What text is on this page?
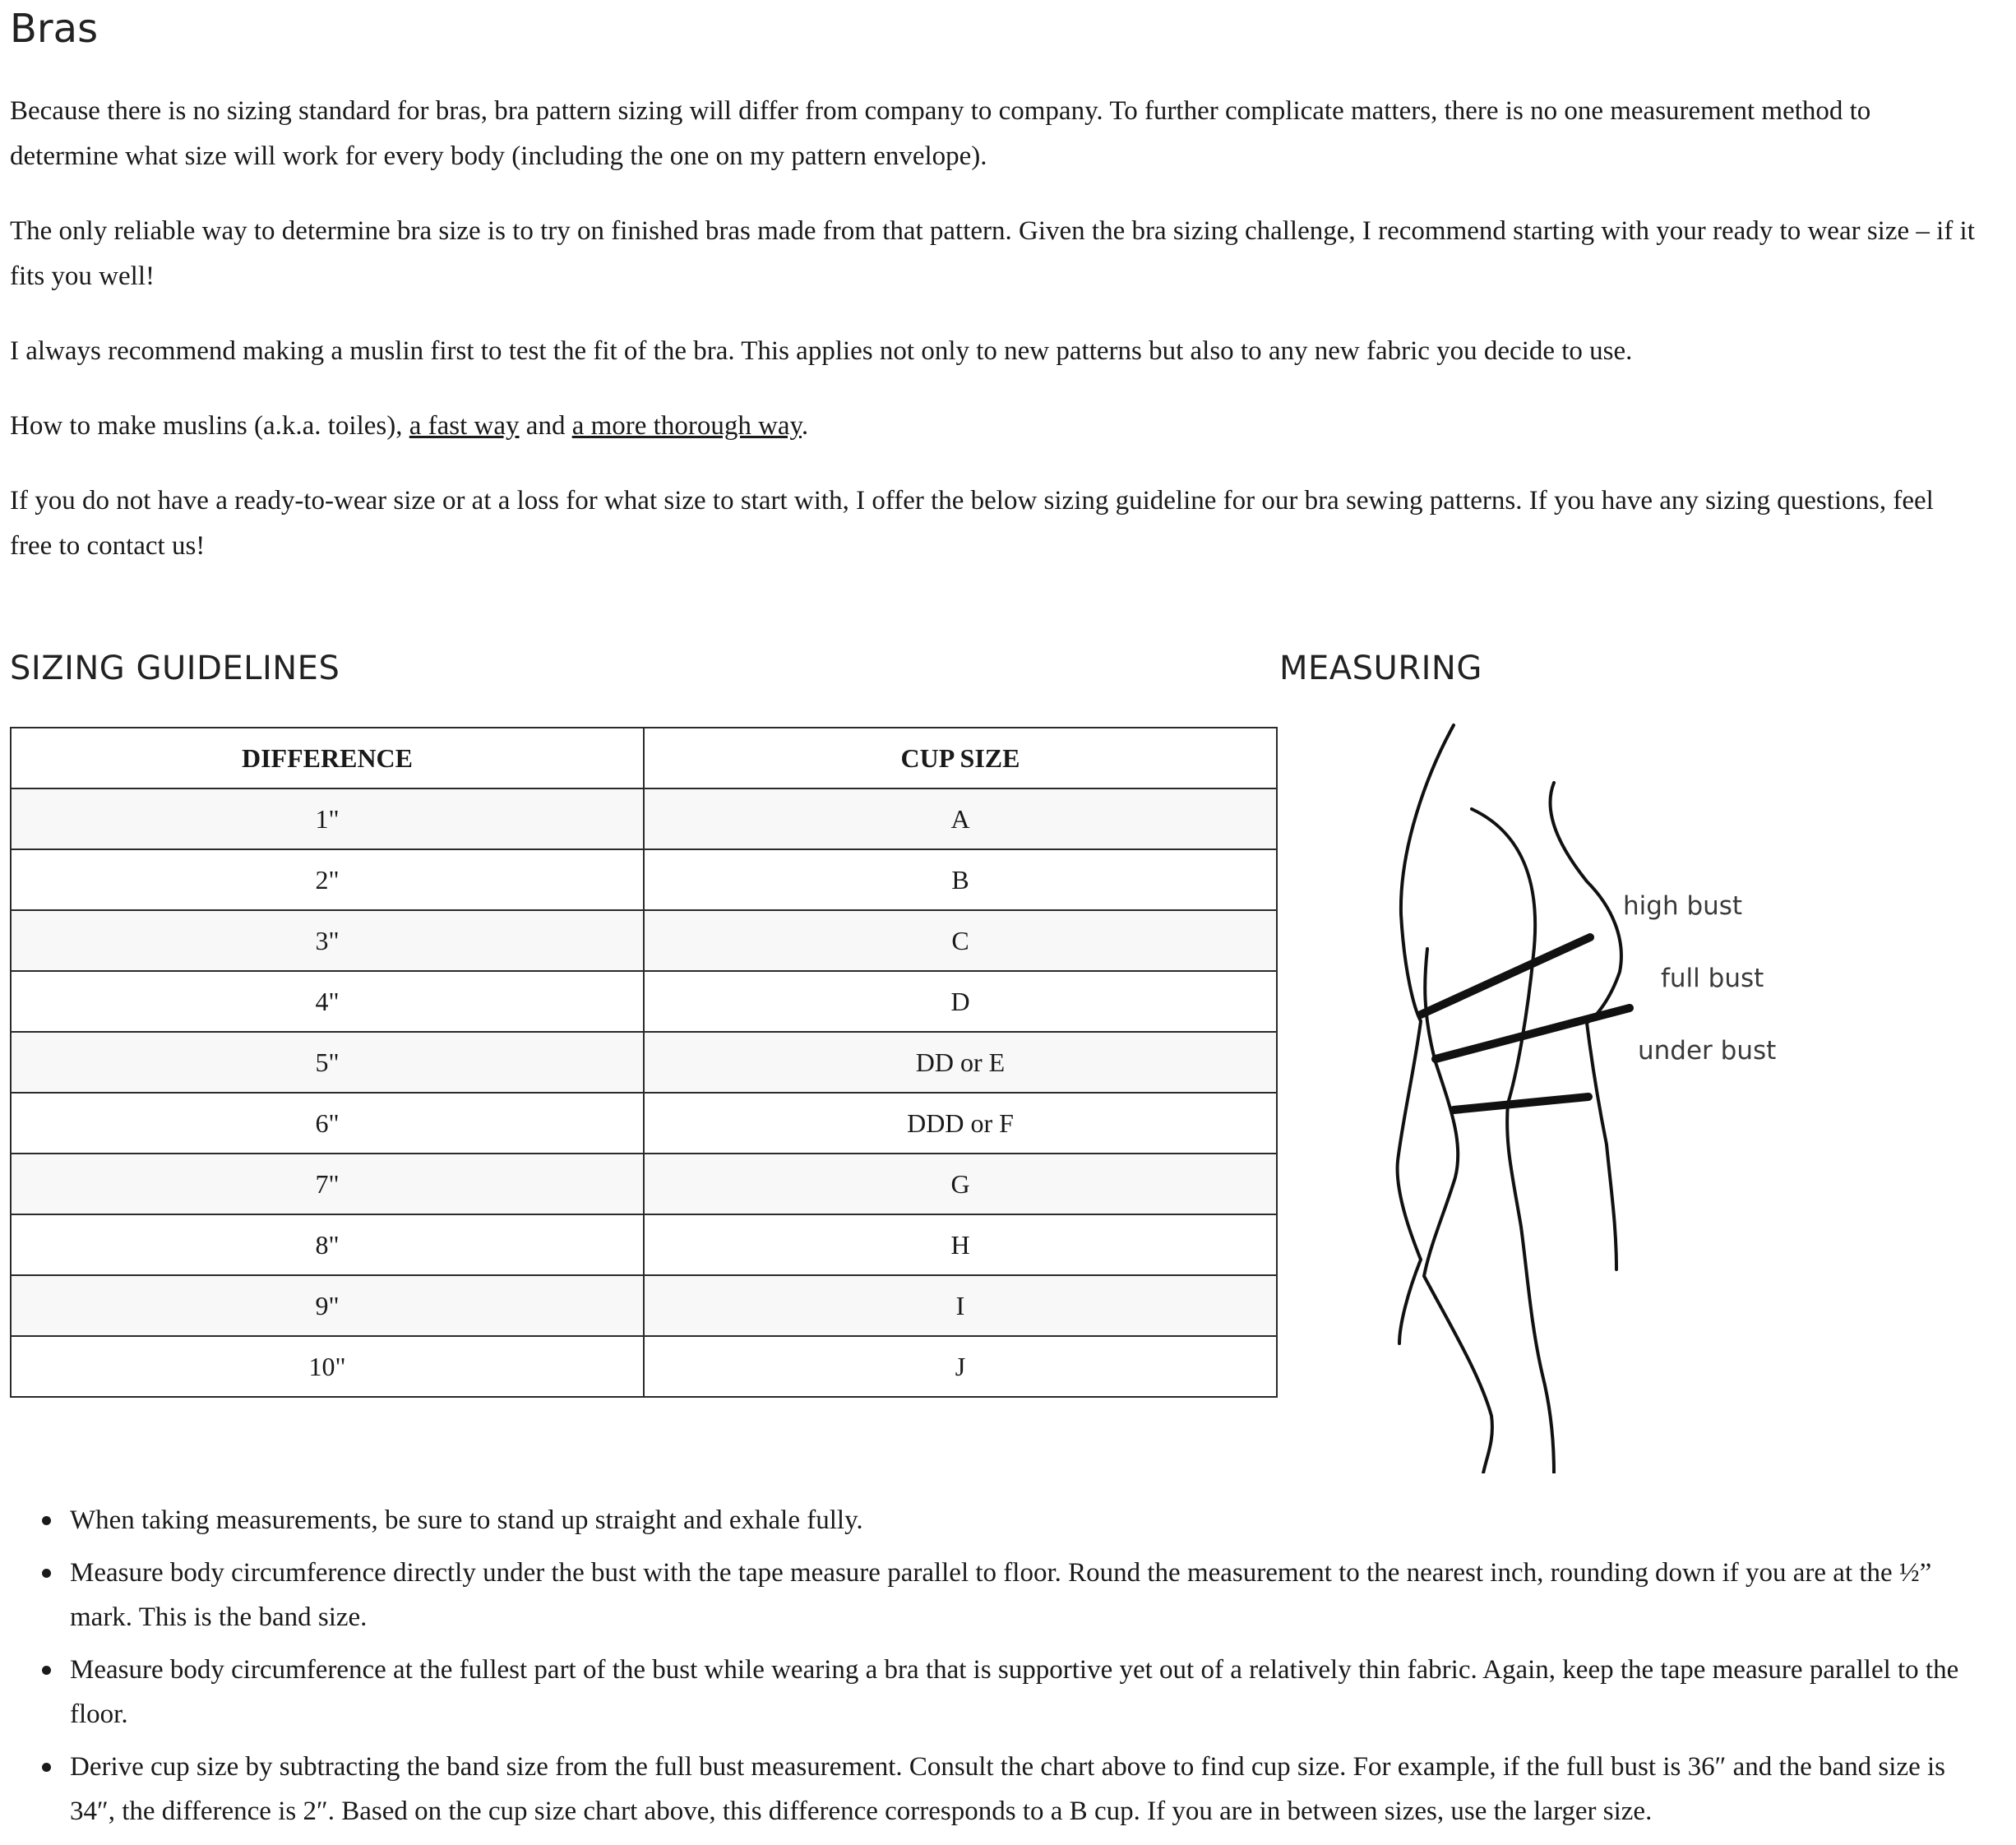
Bras

Because there is no sizing standard for bras, bra pattern sizing will differ from company to company. To further complicate matters, there is no one measurement method to determine what size will work for every body (including the one on my pattern envelope).

The only reliable way to determine bra size is to try on finished bras made from that pattern. Given the bra sizing challenge, I recommend starting with your ready to wear size – if it fits you well!

I always recommend making a muslin first to test the fit of the bra. This applies not only to new patterns but also to any new fabric you decide to use.

How to make muslins (a.k.a. toiles), a fast way and a more thorough way.

If you do not have a ready-to-wear size or at a loss for what size to start with, I offer the below sizing guideline for our bra sewing patterns. If you have any sizing questions, feel free to contact us!

SIZING GUIDELINES	MEASURING
DIFFERENCE	CUP SIZE
1"	A
2"	B
3"	C
4"	D
5"	DD or E
6"	DDD or F
7"	G
8"	H
9"	I
10"	J
high bust
full bust
under bust
When taking measurements, be sure to stand up straight and exhale fully.
Measure body circumference directly under the bust with the tape measure parallel to floor. Round the measurement to the nearest inch, rounding down if you are at the ½” mark. This is the band size.
Measure body circumference at the fullest part of the bust while wearing a bra that is supportive yet out of a relatively thin fabric. Again, keep the tape measure parallel to the floor.
Derive cup size by subtracting the band size from the full bust measurement. Consult the chart above to find cup size. For example, if the full bust is 36″ and the band size is 34″, the difference is 2″. Based on the cup size chart above, this difference corresponds to a B cup. If you are in between sizes, use the larger size.
